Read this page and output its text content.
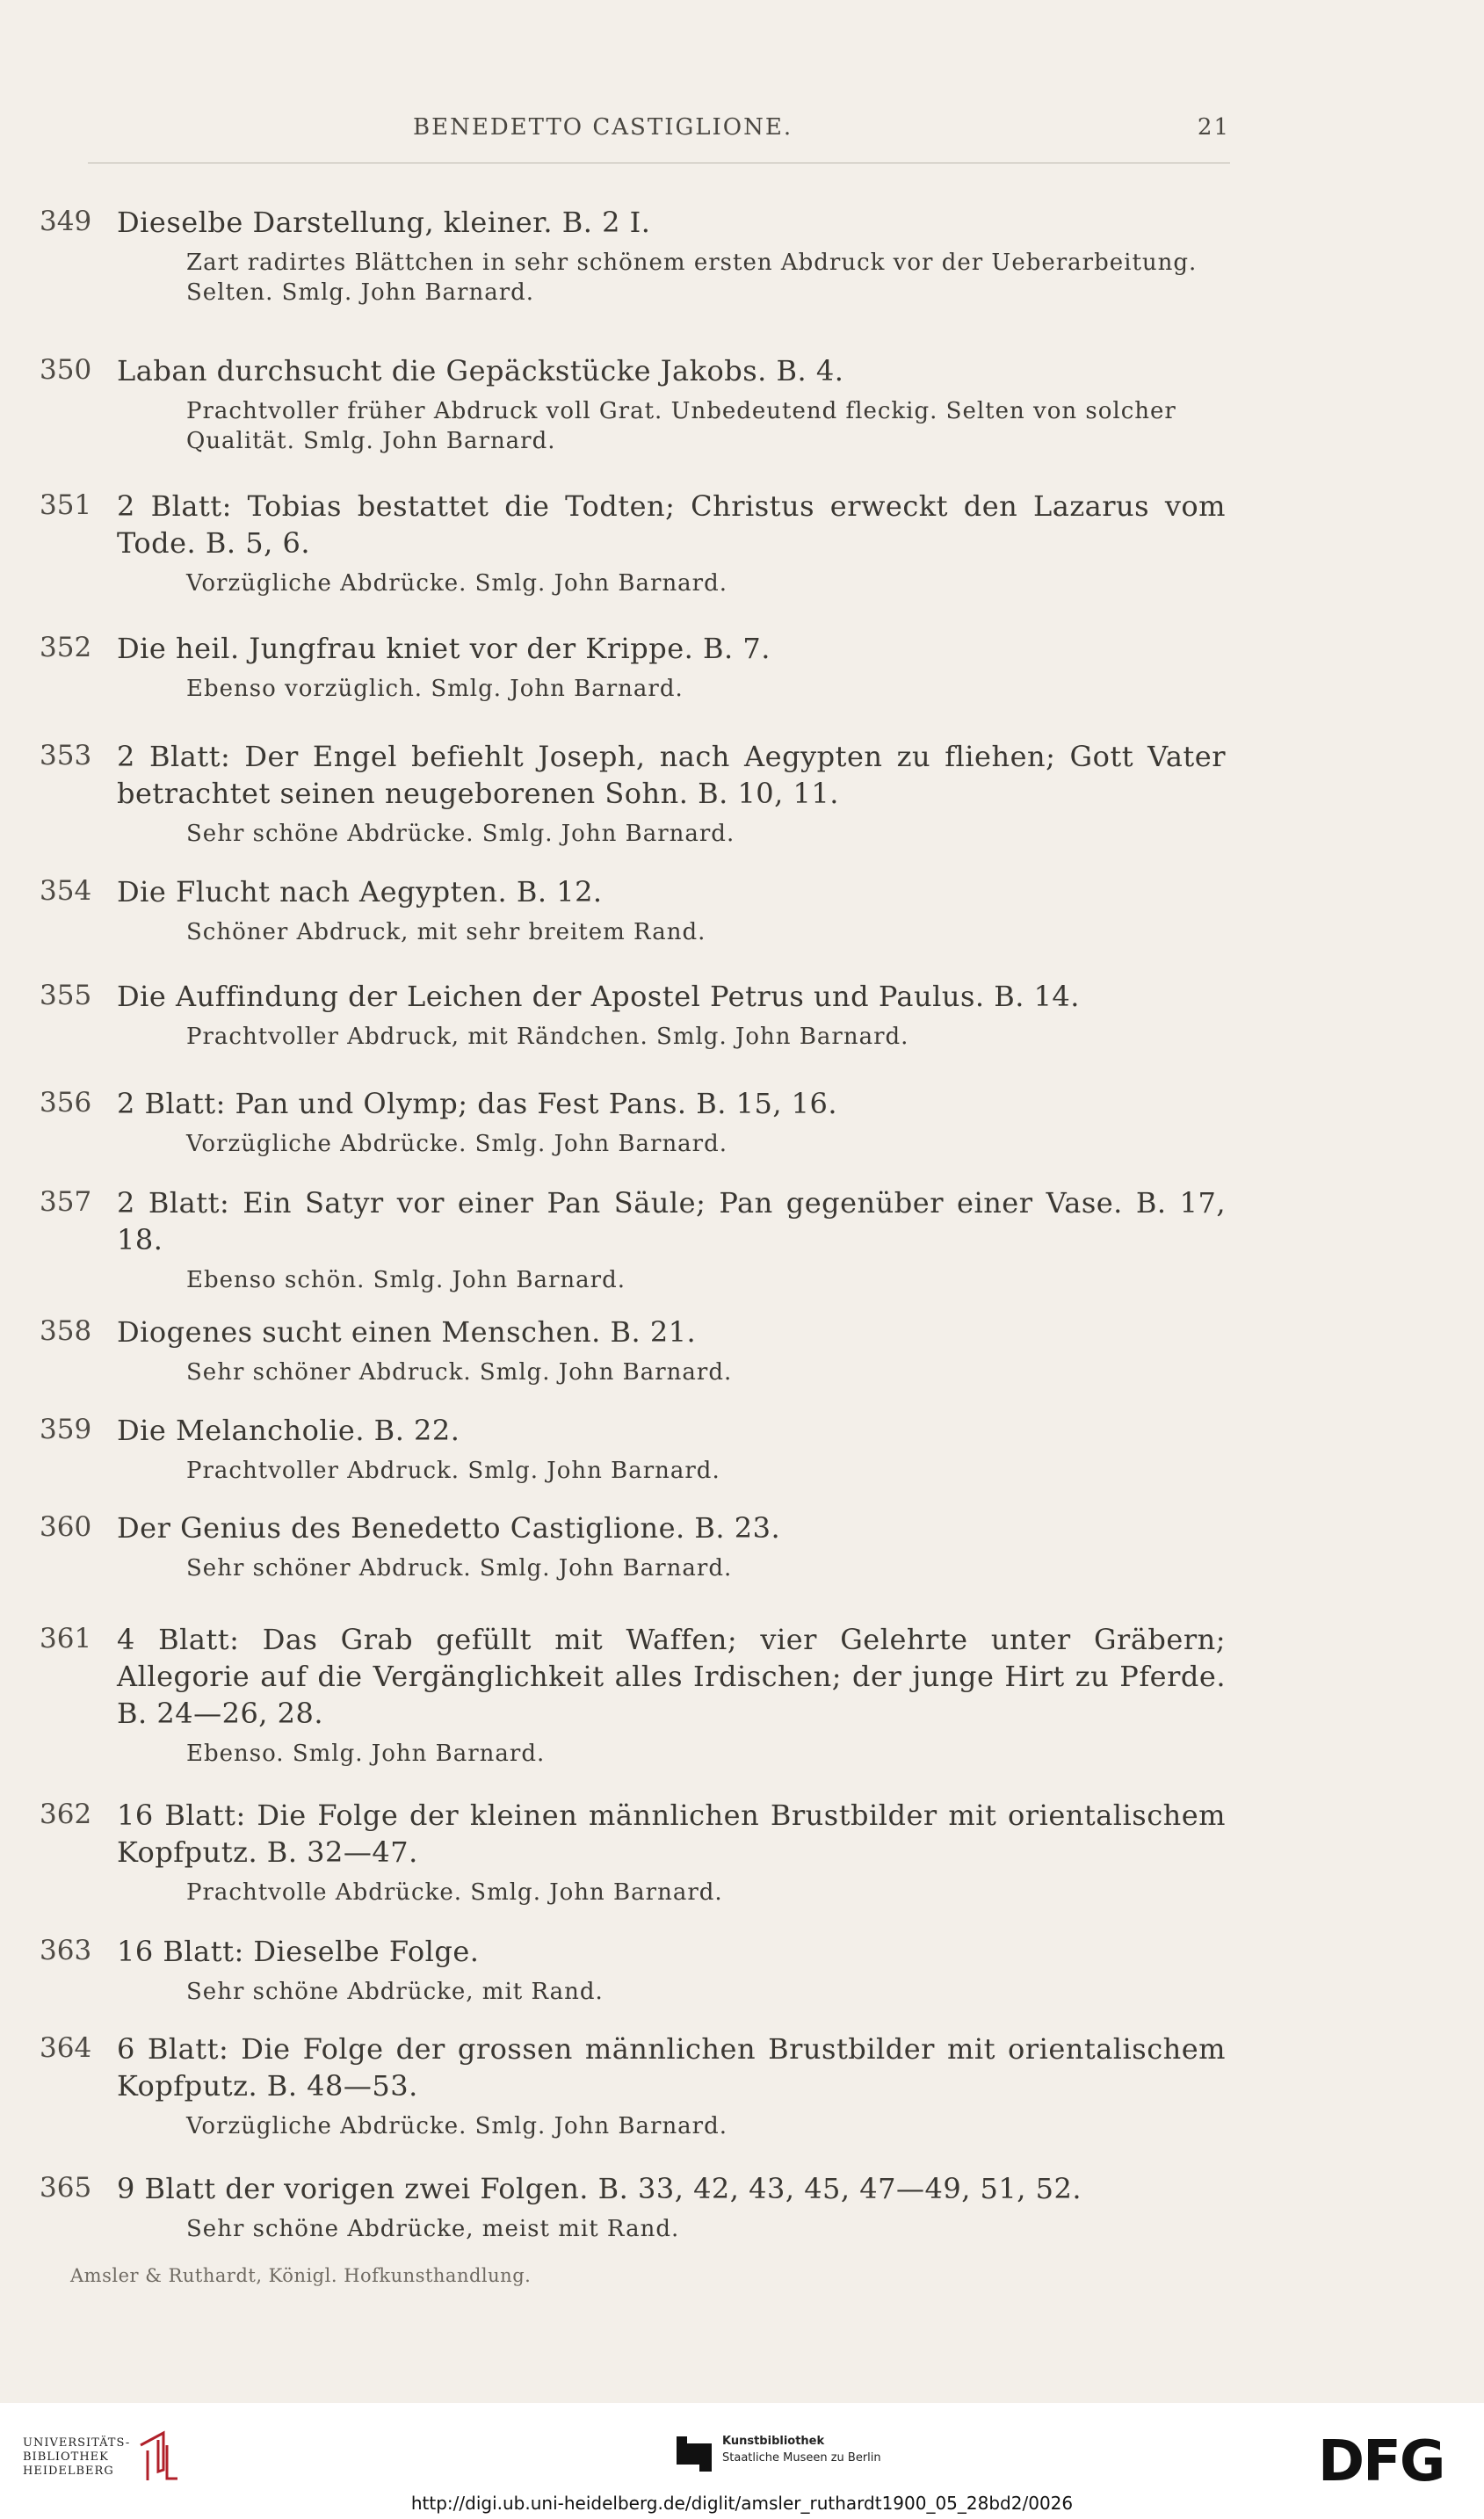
BENEDETTO CASTIGLIONE.	21
349 Dieselbe Darstellung, kleiner. B. 2 I.
Zart radirtes Blättchen in sehr schönem ersten Abdruck vor der Ueberarbeitung. Selten. Smlg. John Barnard.
350 Laban durchsucht die Gepäckstücke Jakobs. B. 4.
Prachtvoller früher Abdruck voll Grat. Unbedeutend fleckig. Selten von solcher Qualität. Smlg. John Barnard.
351 2 Blatt: Tobias bestattet die Todten; Christus erweckt den Lazarus vom Tode. B. 5, 6.
Vorzügliche Abdrücke. Smlg. John Barnard.
352 Die heil. Jungfrau kniet vor der Krippe. B. 7.
Ebenso vorzüglich. Smlg. John Barnard.
353 2 Blatt: Der Engel befiehlt Joseph, nach Aegypten zu fliehen; Gott Vater betrachtet seinen neugeborenen Sohn. B. 10, 11.
Sehr schöne Abdrücke. Smlg. John Barnard.
354 Die Flucht nach Aegypten. B. 12.
Schöner Abdruck, mit sehr breitem Rand.
355 Die Auffindung der Leichen der Apostel Petrus und Paulus. B. 14.
Prachtvoller Abdruck, mit Rändchen. Smlg. John Barnard.
356 2 Blatt: Pan und Olymp; das Fest Pans. B. 15, 16.
Vorzügliche Abdrücke. Smlg. John Barnard.
357 2 Blatt: Ein Satyr vor einer Pan Säule; Pan gegenüber einer Vase. B. 17, 18.
Ebenso schön. Smlg. John Barnard.
358 Diogenes sucht einen Menschen. B. 21.
Sehr schöner Abdruck. Smlg. John Barnard.
359 Die Melancholie. B. 22.
Prachtvoller Abdruck. Smlg. John Barnard.
360 Der Genius des Benedetto Castiglione. B. 23.
Sehr schöner Abdruck. Smlg. John Barnard.
361 4 Blatt: Das Grab gefüllt mit Waffen; vier Gelehrte unter Gräbern; Allegorie auf die Vergänglichkeit alles Irdischen; der junge Hirt zu Pferde. B. 24—26, 28.
Ebenso. Smlg. John Barnard.
362 16 Blatt: Die Folge der kleinen männlichen Brustbilder mit orientalischem Kopfputz. B. 32—47.
Prachtvolle Abdrücke. Smlg. John Barnard.
363 16 Blatt: Dieselbe Folge.
Sehr schöne Abdrücke, mit Rand.
364 6 Blatt: Die Folge der grossen männlichen Brustbilder mit orientalischem Kopfputz. B. 48—53.
Vorzügliche Abdrücke. Smlg. John Barnard.
365 9 Blatt der vorigen zwei Folgen. B. 33, 42, 43, 45, 47—49, 51, 52.
Sehr schöne Abdrücke, meist mit Rand.
Amsler & Ruthardt, Königl. Hofkunsthandlung.
UNIVERSITÄTS-
BIBLIOTHEK
HEIDELBERG
Kunstbibliothek
Staatliche Museen zu Berlin	DFG
http://digi.ub.uni-heidelberg.de/diglit/amsler_ruthardt1900_05_28bd2/0026
